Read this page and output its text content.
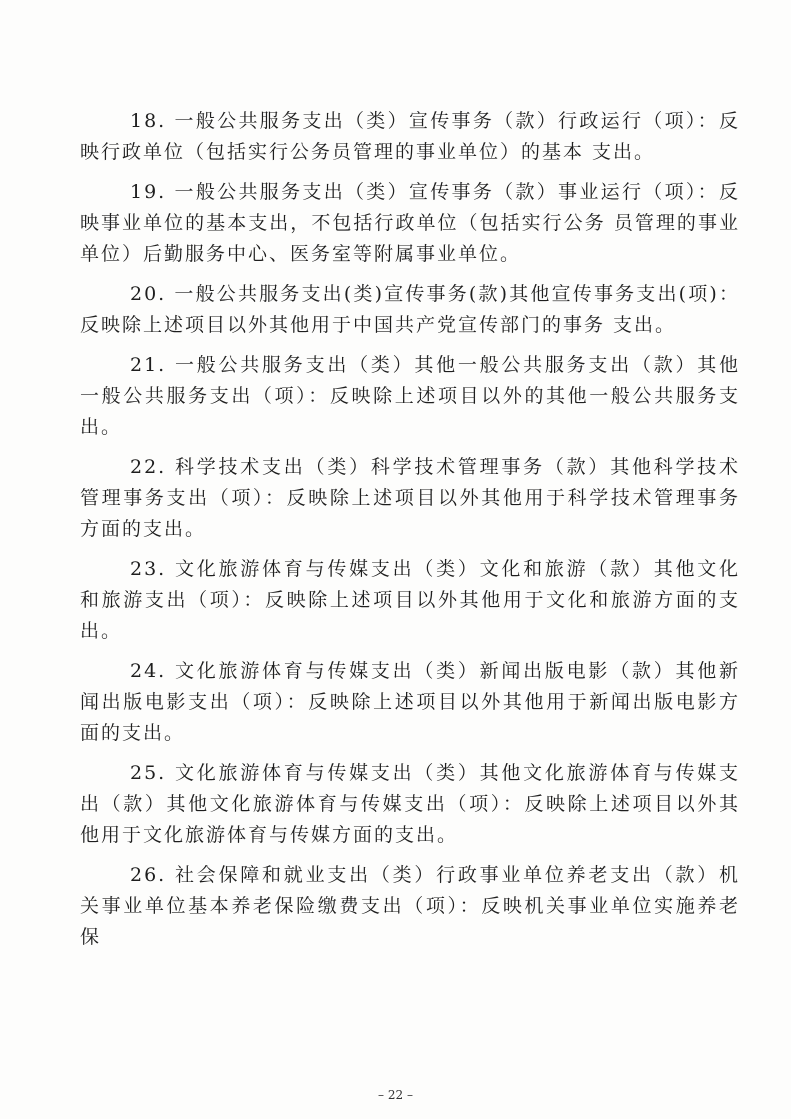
18. 一般公共服务支出（类）宣传事务（款）行政运行（项）：反映行政单位（包括实行公务员管理的事业单位）的基本 支出。

19. 一般公共服务支出（类）宣传事务（款）事业运行（项）：反映事业单位的基本支出，不包括行政单位（包括实行公务 员管理的事业单位）后勤服务中心、医务室等附属事业单位。

20. 一般公共服务支出(类)宣传事务(款)其他宣传事务支出(项)：反映除上述项目以外其他用于中国共产党宣传部门的事务 支出。

21. 一般公共服务支出（类）其他一般公共服务支出（款）其他一般公共服务支出（项）：反映除上述项目以外的其他一般公共服务支出。

22. 科学技术支出（类）科学技术管理事务（款）其他科学技术管理事务支出（项）：反映除上述项目以外其他用于科学技术管理事务方面的支出。

23. 文化旅游体育与传媒支出（类）文化和旅游（款）其他文化和旅游支出（项）：反映除上述项目以外其他用于文化和旅游方面的支出。

24. 文化旅游体育与传媒支出（类）新闻出版电影（款）其他新闻出版电影支出（项）：反映除上述项目以外其他用于新闻出版电影方面的支出。

25. 文化旅游体育与传媒支出（类）其他文化旅游体育与传媒支出（款）其他文化旅游体育与传媒支出（项）：反映除上述项目以外其他用于文化旅游体育与传媒方面的支出。

26. 社会保障和就业支出（类）行政事业单位养老支出（款）机关事业单位基本养老保险缴费支出（项）：反映机关事业单位实施养老保

– 22 –
